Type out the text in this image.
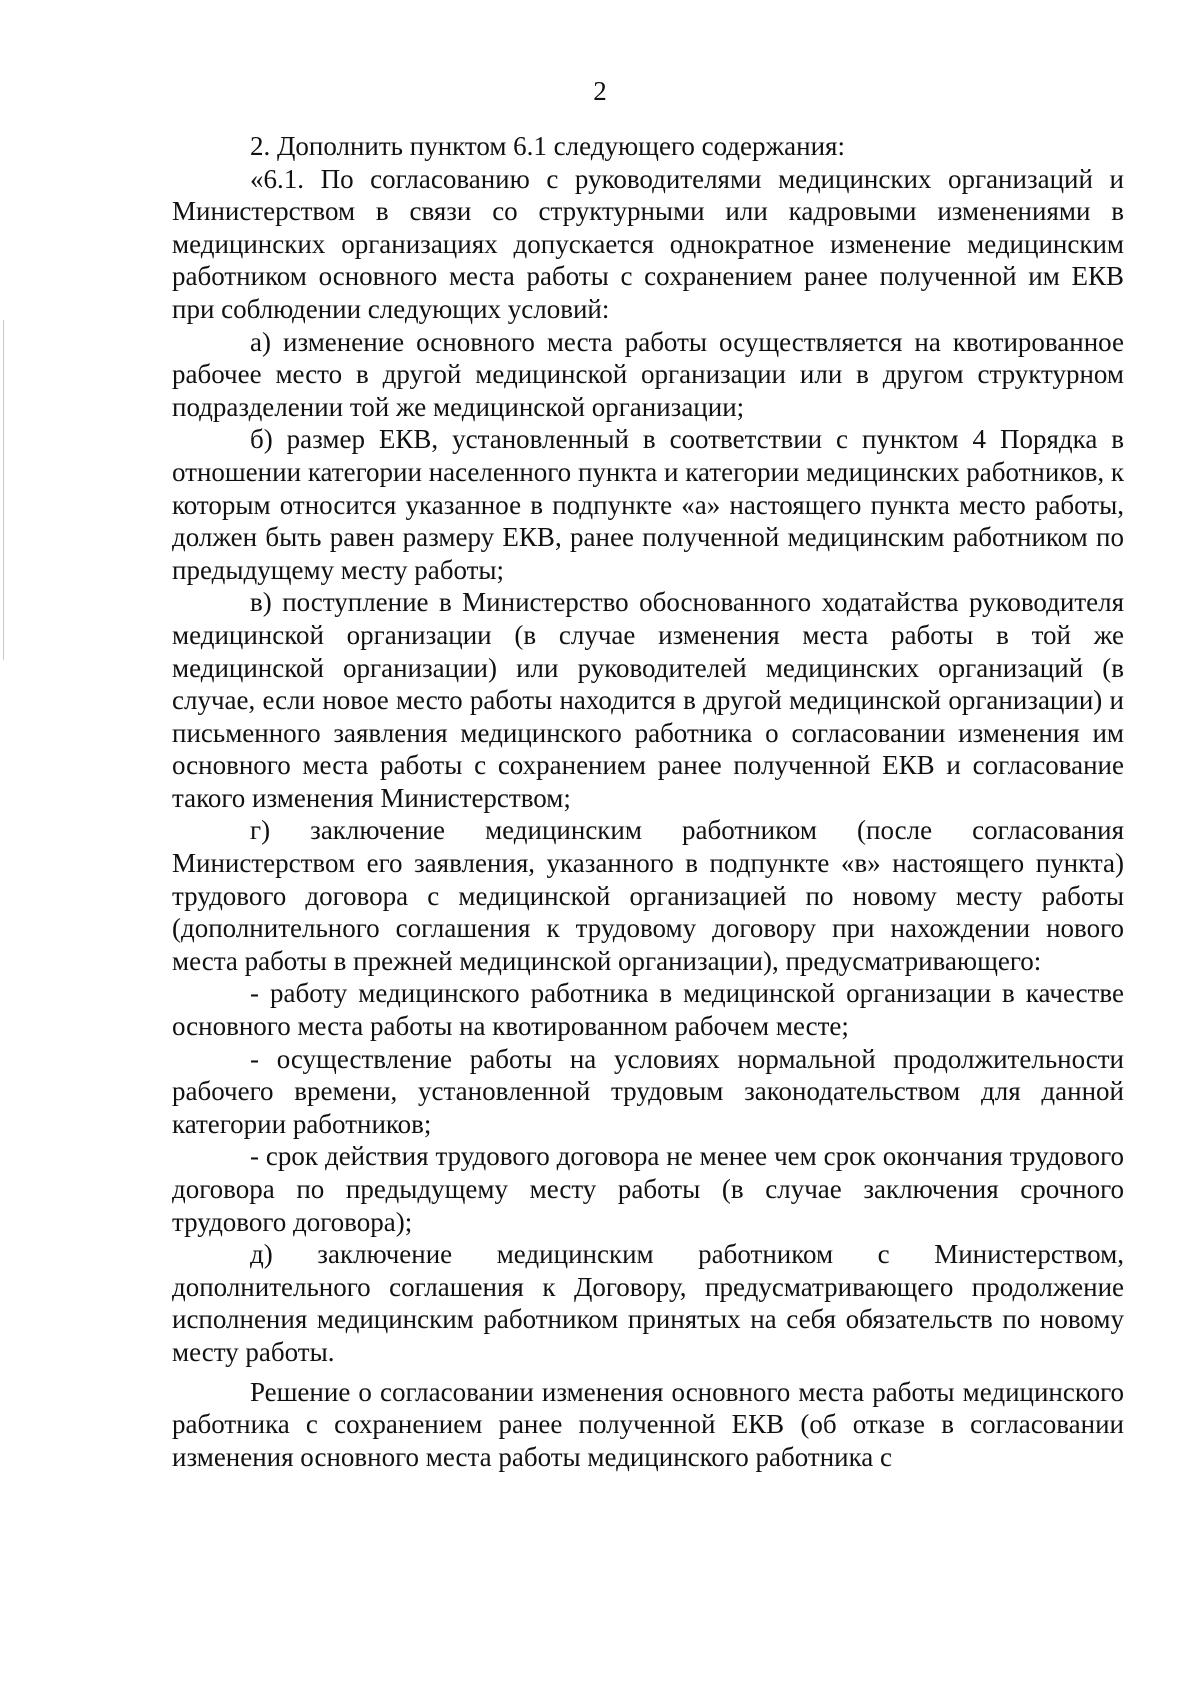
2

2. Дополнить пунктом 6.1 следующего содержания:

«6.1. По согласованию с руководителями медицинских организаций и Министерством в связи со структурными или кадровыми изменениями в медицинских организациях допускается однократное изменение медицинским работником основного места работы с сохранением ранее полученной им ЕКВ при соблюдении следующих условий:

а) изменение основного места работы осуществляется на квотированное рабочее место в другой медицинской организации или в другом структурном подразделении той же медицинской организации;

б) размер ЕКВ, установленный в соответствии с пунктом 4 Порядка в отношении категории населенного пункта и категории медицинских работников, к которым относится указанное в подпункте «а» настоящего пункта место работы, должен быть равен размеру ЕКВ, ранее полученной медицинским работником по предыдущему месту работы;

в) поступление в Министерство обоснованного ходатайства руководителя медицинской организации (в случае изменения места работы в той же медицинской организации) или руководителей медицинских организаций (в случае, если новое место работы находится в другой медицинской организации) и письменного заявления медицинского работника о согласовании изменения им основного места работы с сохранением ранее полученной ЕКВ и согласование такого изменения Министерством;

г) заключение медицинским работником (после согласования Министерством его заявления, указанного в подпункте «в» настоящего пункта) трудового договора с медицинской организацией по новому месту работы (дополнительного соглашения к трудовому договору при нахождении нового места работы в прежней медицинской организации), предусматривающего:

- работу медицинского работника в медицинской организации в качестве основного места работы на квотированном рабочем месте;

- осуществление работы на условиях нормальной продолжительности рабочего времени, установленной трудовым законодательством для данной категории работников;

- срок действия трудового договора не менее чем срок окончания трудового договора по предыдущему месту работы (в случае заключения срочного трудового договора);

д) заключение медицинским работником с Министерством, дополнительного соглашения к Договору, предусматривающего продолжение исполнения медицинским работником принятых на себя обязательств по новому месту работы.

Решение о согласовании изменения основного места работы медицинского работника с сохранением ранее полученной ЕКВ (об отказе в согласовании изменения основного места работы медицинского работника с
